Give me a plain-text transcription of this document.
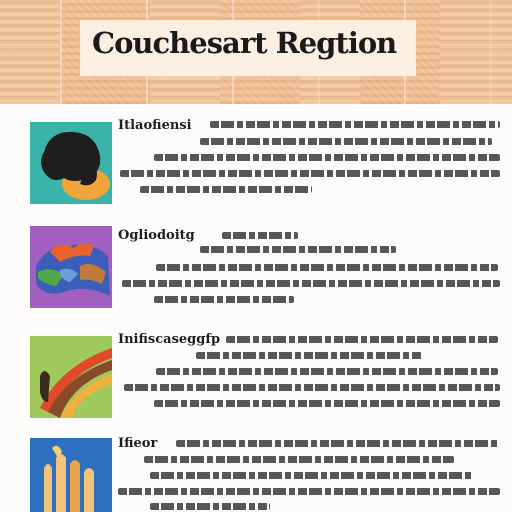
Couchesart Regtion
Itlaofiensi
Ogliodoitg
Inifiscaseggfp
Ifieor
